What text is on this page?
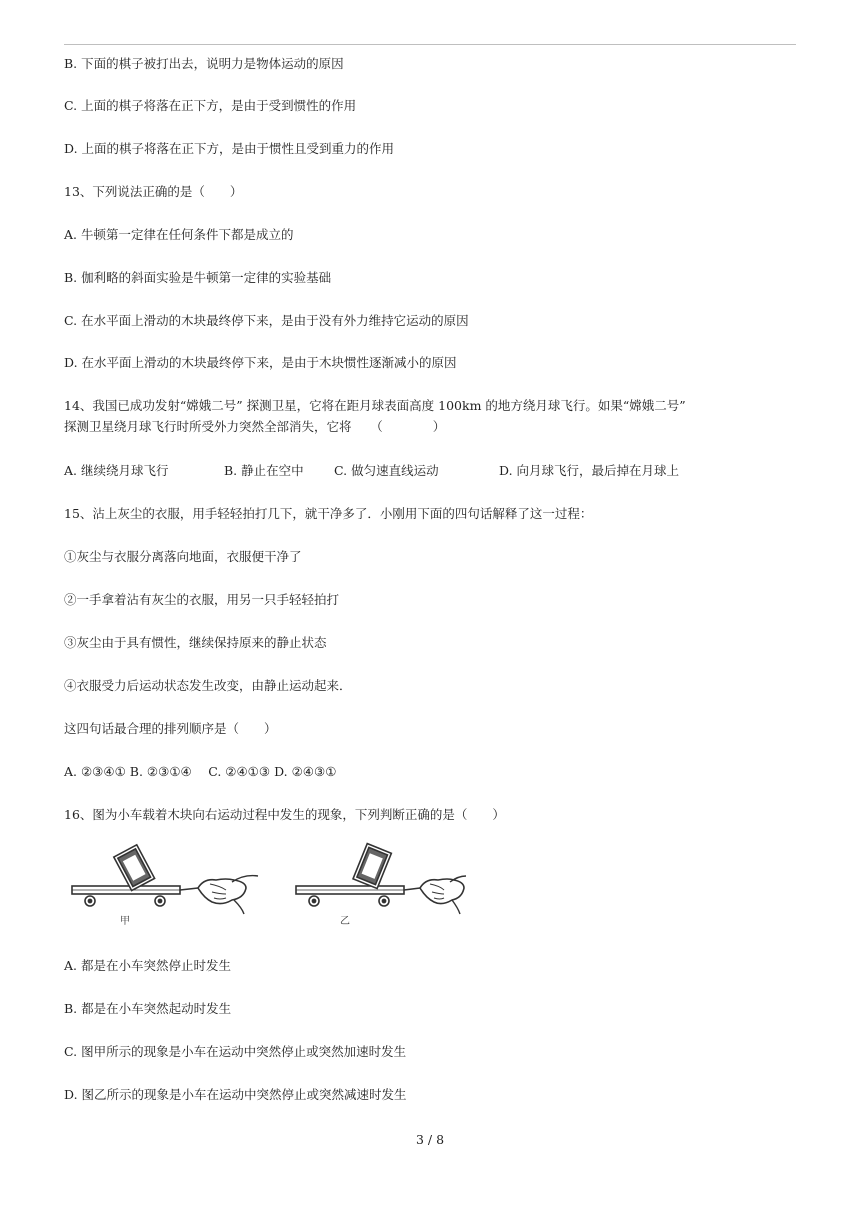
B. 下面的棋子被打出去，说明力是物体运动的原因
C. 上面的棋子将落在正下方，是由于受到惯性的作用
D. 上面的棋子将落在正下方，是由于惯性且受到重力的作用
13、下列说法正确的是（　　）
A. 牛顿第一定律在任何条件下都是成立的
B. 伽利略的斜面实验是牛顿第一定律的实验基础
C. 在水平面上滑动的木块最终停下来，是由于没有外力维持它运动的原因
D. 在水平面上滑动的木块最终停下来，是由于木块惯性逐渐减小的原因
14、我国已成功发射“嫦娥二号” 探测卫星，它将在距月球表面高度 100km 的地方绕月球飞行。如果“嫦娥二号”
探测卫星绕月球飞行时所受外力突然全部消失，它将　　（　　　　）
A. 继续绕月球飞行	B. 静止在空中 C. 做匀速直线运动	D. 向月球飞行，最后掉在月球上
15、沾上灰尘的衣服，用手轻轻拍打几下，就干净多了．小刚用下面的四句话解释了这一过程：
①灰尘与衣服分离落向地面，衣服便干净了
②一手拿着沾有灰尘的衣服，用另一只手轻轻拍打
③灰尘由于具有惯性，继续保持原来的静止状态
④衣服受力后运动状态发生改变，由静止运动起来．
这四句话最合理的排列顺序是（　　）
A. ②③④① B. ②③①④　 C. ②④①③ D. ②④③①
16、图为小车载着木块向右运动过程中发生的现象，下列判断正确的是（　　）
甲	乙
A. 都是在小车突然停止时发生
B. 都是在小车突然起动时发生
C. 图甲所示的现象是小车在运动中突然停止或突然加速时发生
D. 图乙所示的现象是小车在运动中突然停止或突然减速时发生
3 / 8
